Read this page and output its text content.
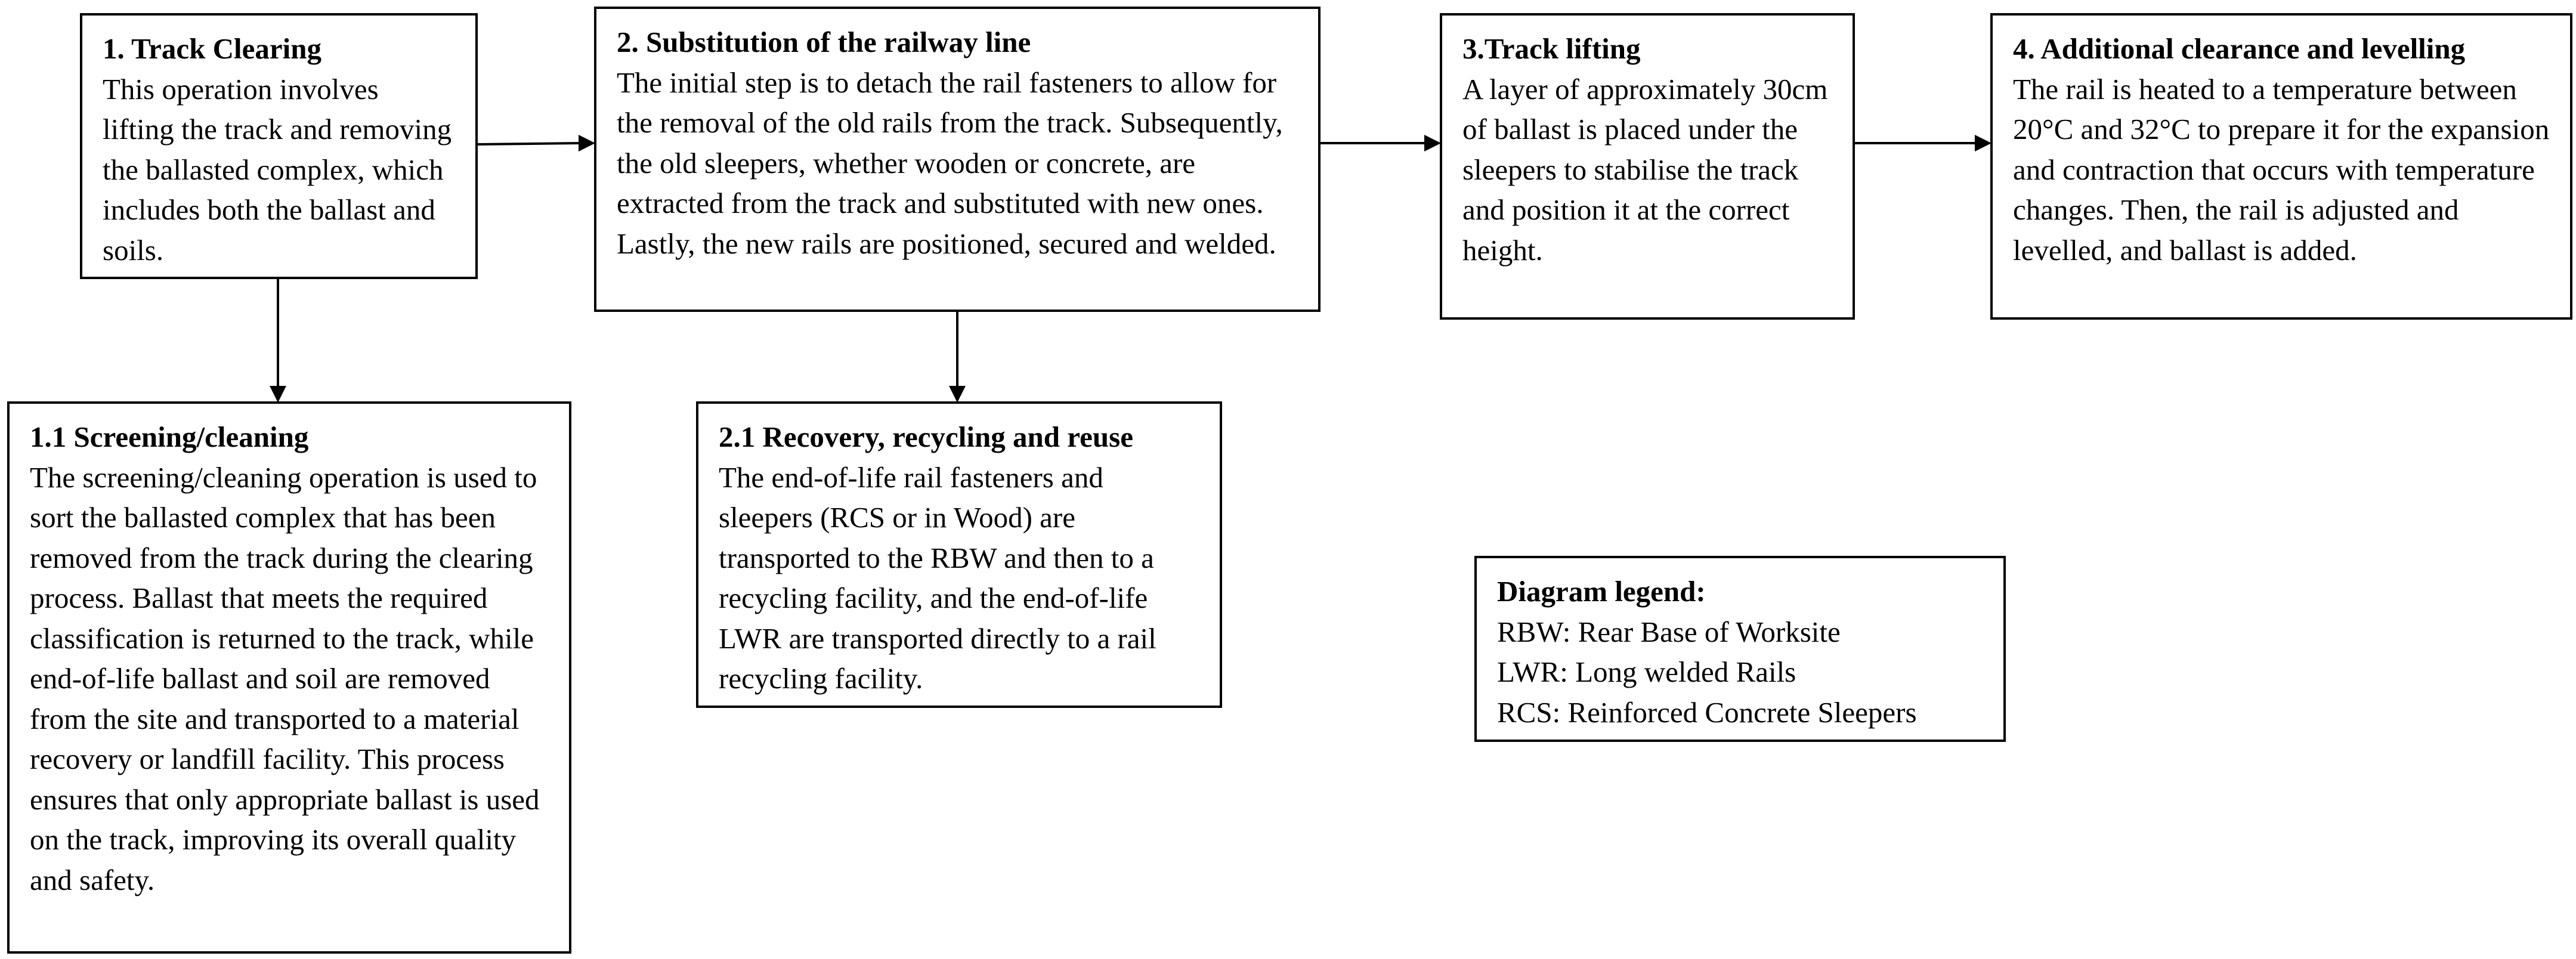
1. Track Clearing
This operation involves lifting the track and removing the ballasted complex, which includes both the ballast and soils.
2. Substitution of the railway line
The initial step is to detach the rail fasteners to allow for the removal of the old rails from the track. Subsequently, the old sleepers, whether wooden or concrete, are extracted from the track and substituted with new ones. Lastly, the new rails are positioned, secured and welded.
3.Track lifting
A layer of approximately 30cm of ballast is placed under the sleepers to stabilise the track and position it at the correct height.
4. Additional clearance and levelling
The rail is heated to a temperature between 20°C and 32°C to prepare it for the expansion and contraction that occurs with temperature changes. Then, the rail is adjusted and levelled, and ballast is added.
1.1 Screening/cleaning
The screening/cleaning operation is used to sort the ballasted complex that has been removed from the track during the clearing process. Ballast that meets the required classification is returned to the track, while end-of-life ballast and soil are removed from the site and transported to a material recovery or landfill facility. This process ensures that only appropriate ballast is used on the track, improving its overall quality and safety.
2.1 Recovery, recycling and reuse
The end-of-life rail fasteners and sleepers (RCS or in Wood) are transported to the RBW and then to a recycling facility, and the end-of-life LWR are transported directly to a rail recycling facility.
Diagram legend:
RBW: Rear Base of Worksite
LWR: Long welded Rails
RCS: Reinforced Concrete Sleepers
